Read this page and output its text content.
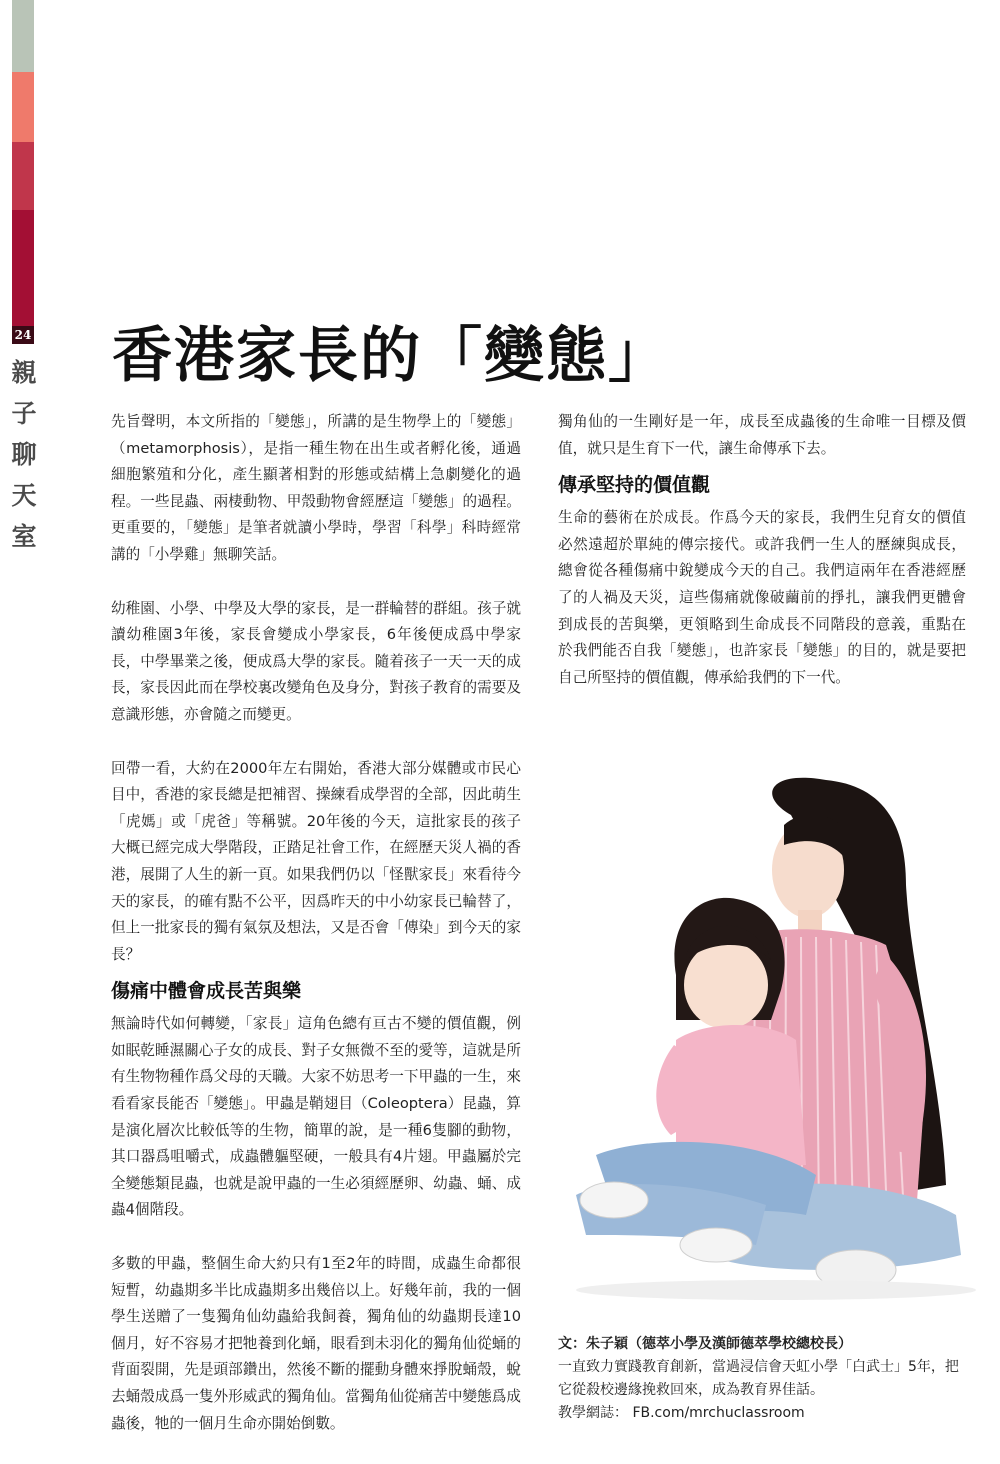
24
親
子
聊
天
室
香港家長的「變態」

先旨聲明，本文所指的「變態」，所講的是生物學上的「變態」（metamorphosis），是指一種生物在出生或者孵化後，通過細胞繁殖和分化，產生顯著相對的形態或結構上急劇變化的過程。一些昆蟲、兩棲動物、甲殼動物會經歷這「變態」的過程。更重要的，「變態」是筆者就讀小學時，學習「科學」科時經常講的「小學雞」無聊笑話。

幼稚園、小學、中學及大學的家長，是一群輪替的群組。孩子就讀幼稚園3年後，家長會變成小學家長，6年後便成爲中學家長，中學畢業之後，便成爲大學的家長。隨着孩子一天一天的成長，家長因此而在學校裏改變角色及身分，對孩子教育的需要及意識形態，亦會隨之而變更。

回帶一看，大約在2000年左右開始，香港大部分媒體或市民心目中，香港的家長總是把補習、操練看成學習的全部，因此萌生「虎媽」或「虎爸」等稱號。20年後的今天，這批家長的孩子大概已經完成大學階段，正踏足社會工作，在經歷天災人禍的香港，展開了人生的新一頁。如果我們仍以「怪獸家長」來看待今天的家長，的確有點不公平，因爲昨天的中小幼家長已輪替了，但上一批家長的獨有氣氛及想法，又是否會「傳染」到今天的家長？

傷痛中體會成長苦與樂

無論時代如何轉變，「家長」這角色總有亘古不變的價值觀，例如眠乾睡濕關心子女的成長、對子女無微不至的愛等，這就是所有生物物種作爲父母的天職。大家不妨思考一下甲蟲的一生，來看看家長能否「變態」。甲蟲是鞘翅目（Coleoptera）昆蟲，算是演化層次比較低等的生物，簡單的說，是一種6隻腳的動物，其口器爲咀嚼式，成蟲體軀堅硬，一般具有4片翅。甲蟲屬於完全變態類昆蟲，也就是說甲蟲的一生必須經歷卵、幼蟲、蛹、成蟲4個階段。

多數的甲蟲，整個生命大約只有1至2年的時間，成蟲生命都很短暫，幼蟲期多半比成蟲期多出幾倍以上。好幾年前，我的一個學生送贈了一隻獨角仙幼蟲給我飼養，獨角仙的幼蟲期長達10個月，好不容易才把牠養到化蛹，眼看到未羽化的獨角仙從蛹的背面裂開，先是頭部鑽出，然後不斷的擺動身體來掙脫蛹殼，蛻去蛹殼成爲一隻外形威武的獨角仙。當獨角仙從痛苦中變態爲成蟲後，牠的一個月生命亦開始倒數。

獨角仙的一生剛好是一年，成長至成蟲後的生命唯一目標及價值，就只是生育下一代，讓生命傳承下去。

傳承堅持的價值觀

生命的藝術在於成長。作爲今天的家長，我們生兒育女的價值必然遠超於單純的傳宗接代。或許我們一生人的歷練與成長，總會從各種傷痛中銳變成今天的自己。我們這兩年在香港經歷了的人禍及天災，這些傷痛就像破繭前的掙扎，讓我們更體會到成長的苦與樂，更領略到生命成長不同階段的意義，重點在於我們能否自我「變態」，也許家長「變態」的目的，就是要把自己所堅持的價值觀，傳承給我們的下一代。

文：朱子穎（德萃小學及漢師德萃學校總校長）
一直致力實踐教育創新，當過浸信會天虹小學「白武士」5年，把它從殺校邊緣挽救回來，成為教育界佳話。
教學網誌： FB.com/mrchuclassroom
